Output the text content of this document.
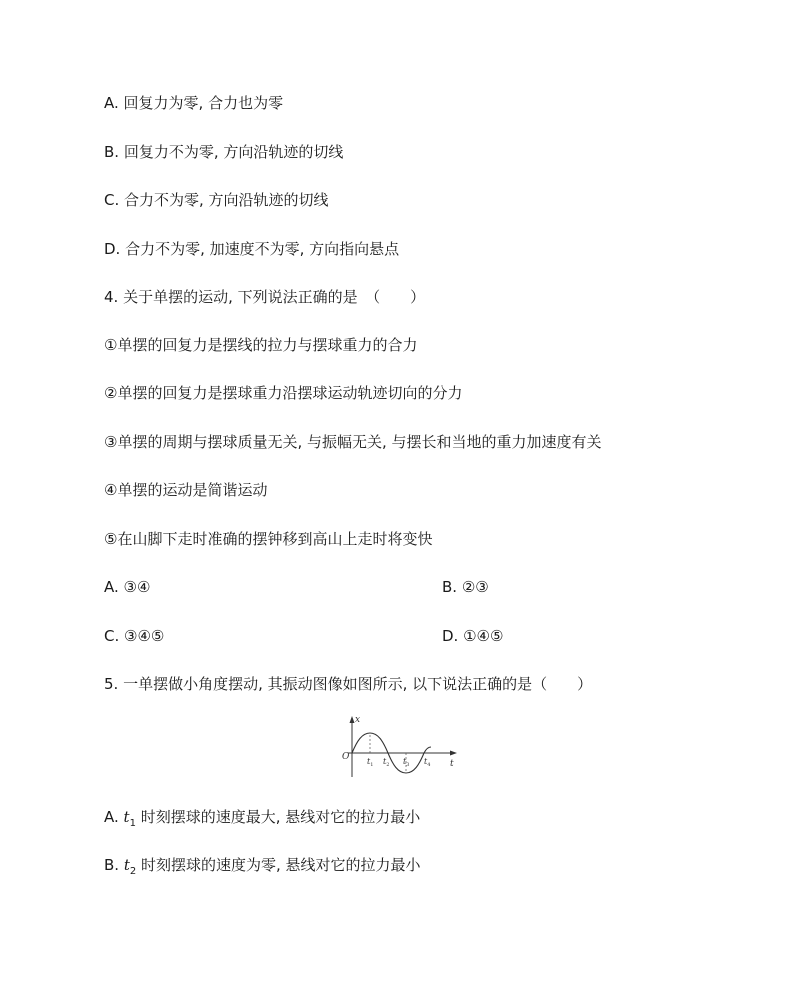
A. 回复力为零, 合力也为零
B. 回复力不为零, 方向沿轨迹的切线
C. 合力不为零, 方向沿轨迹的切线
D. 合力不为零, 加速度不为零, 方向指向悬点
4. 关于单摆的运动, 下列说法正确的是　（　　）
①单摆的回复力是摆线的拉力与摆球重力的合力
②单摆的回复力是摆球重力沿摆球运动轨迹切向的分力
③单摆的周期与摆球质量无关, 与振幅无关, 与摆长和当地的重力加速度有关
④单摆的运动是简谐运动
⑤在山脚下走时准确的摆钟移到高山上走时将变快
A. ③④	B. ②③
C. ③④⑤	D. ①④⑤
5. 一单摆做小角度摆动, 其振动图像如图所示, 以下说法正确的是（　　）
x
t
O $t_1$ $t_2$ $t_3$ $t_4$
A. $t_1$ 时刻摆球的速度最大, 悬线对它的拉力最小
B. $t_2$ 时刻摆球的速度为零, 悬线对它的拉力最小
